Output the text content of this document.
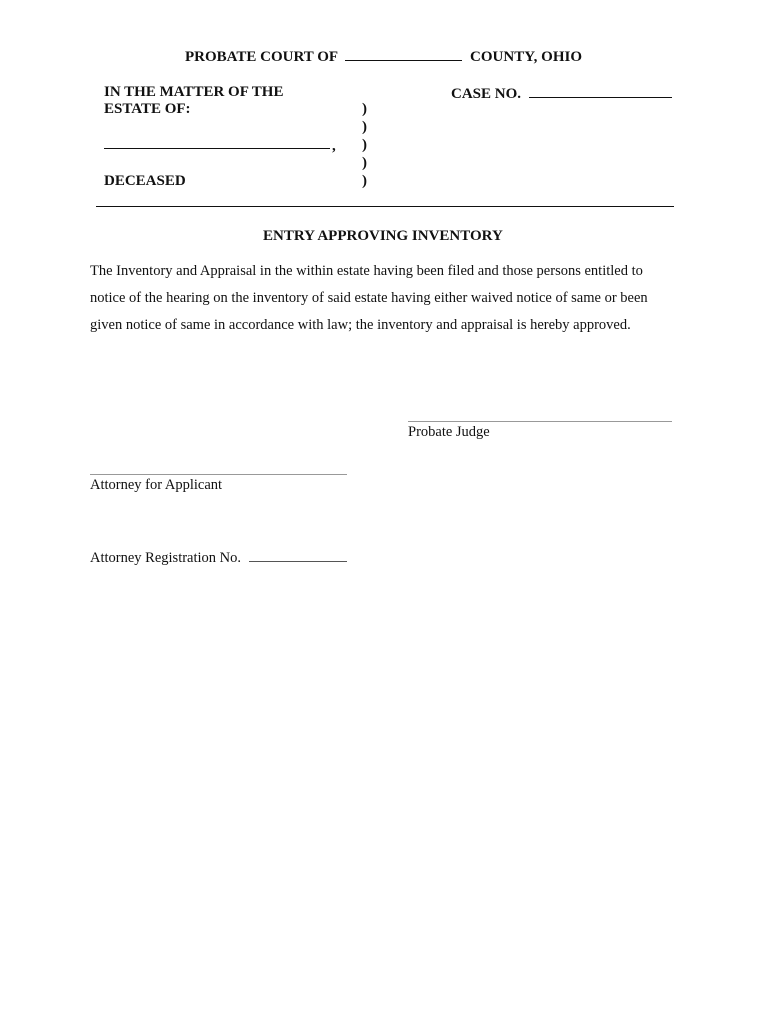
PROBATE COURT OF	COUNTY, OHIO
IN THE MATTER OF THE
ESTATE OF:
,
DECEASED
)
)
)
)
)
CASE NO.
ENTRY APPROVING INVENTORY
The Inventory and Appraisal in the within estate having been filed and those persons entitled to notice of the hearing on the inventory of said estate having either waived notice of same or been given notice of same in accordance with law; the inventory and appraisal is hereby approved.
Probate Judge
Attorney for Applicant
Attorney Registration No.
